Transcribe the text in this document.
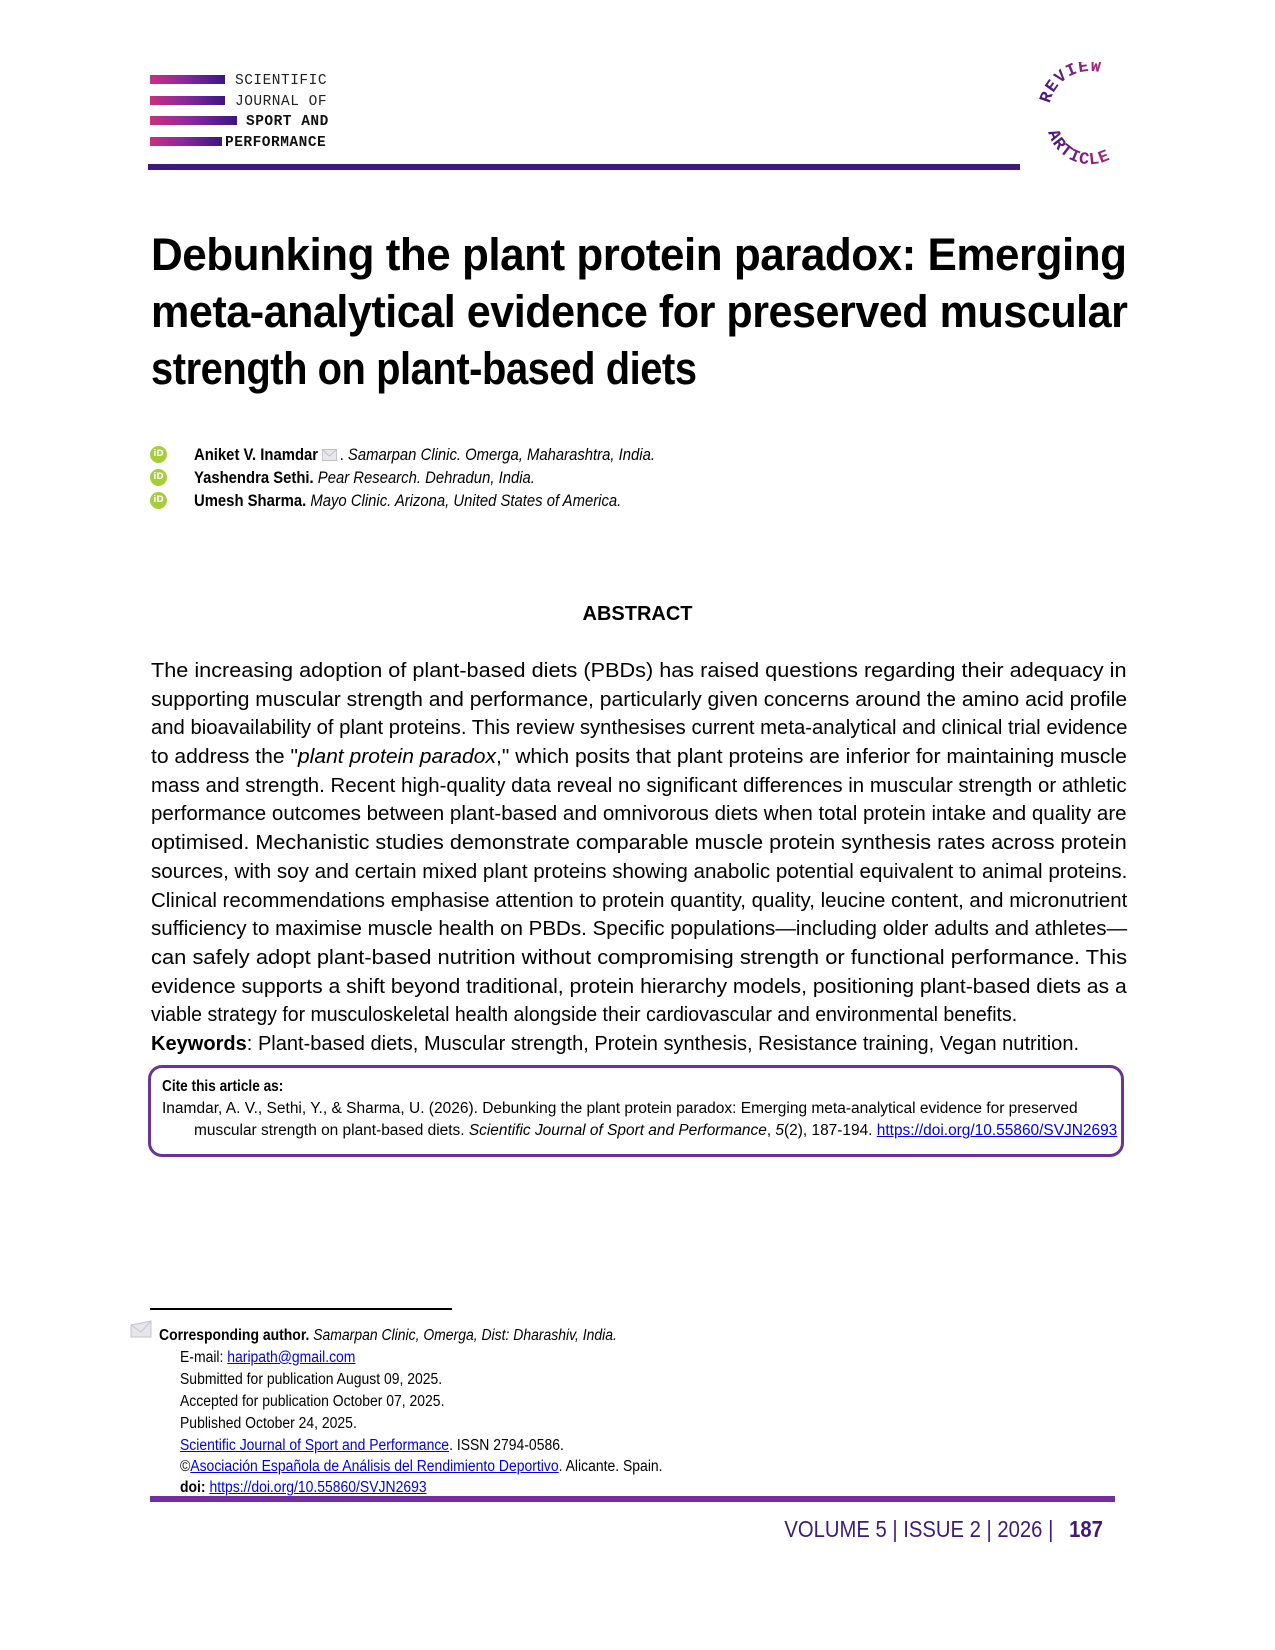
SCIENTIFIC
JOURNAL OF
SPORT AND
PERFORMANCE
REVIEW
ARTICLE
Debunking the plant protein paradox: Emerging
meta-analytical evidence for preserved muscular
strength on plant-based diets
iD Aniket V. Inamdar . Samarpan Clinic. Omerga, Maharashtra, India.
iD Yashendra Sethi. Pear Research. Dehradun, India.
iD Umesh Sharma. Mayo Clinic. Arizona, United States of America.
ABSTRACT
The increasing adoption of plant-based diets (PBDs) has raised questions regarding their adequacy in
supporting muscular strength and performance, particularly given concerns around the amino acid profile
and bioavailability of plant proteins. This review synthesises current meta-analytical and clinical trial evidence
to address the "plant protein paradox," which posits that plant proteins are inferior for maintaining muscle
mass and strength. Recent high-quality data reveal no significant differences in muscular strength or athletic
performance outcomes between plant-based and omnivorous diets when total protein intake and quality are
optimised. Mechanistic studies demonstrate comparable muscle protein synthesis rates across protein
sources, with soy and certain mixed plant proteins showing anabolic potential equivalent to animal proteins.
Clinical recommendations emphasise attention to protein quantity, quality, leucine content, and micronutrient
sufficiency to maximise muscle health on PBDs. Specific populations—including older adults and athletes—
can safely adopt plant-based nutrition without compromising strength or functional performance. This
evidence supports a shift beyond traditional, protein hierarchy models, positioning plant-based diets as a
viable strategy for musculoskeletal health alongside their cardiovascular and environmental benefits.
Keywords: Plant-based diets, Muscular strength, Protein synthesis, Resistance training, Vegan nutrition.
Cite this article as:
Inamdar, A. V., Sethi, Y., & Sharma, U. (2026). Debunking the plant protein paradox: Emerging meta-analytical evidence for preserved
muscular strength on plant-based diets. Scientific Journal of Sport and Performance, 5(2), 187-194. https://doi.org/10.55860/SVJN2693
Corresponding author. Samarpan Clinic, Omerga, Dist: Dharashiv, India.
E-mail: haripath@gmail.com
Submitted for publication August 09, 2025.
Accepted for publication October 07, 2025.
Published October 24, 2025.
Scientific Journal of Sport and Performance. ISSN 2794-0586.
©Asociación Española de Análisis del Rendimiento Deportivo. Alicante. Spain.
doi: https://doi.org/10.55860/SVJN2693
VOLUME 5 | ISSUE 2 | 2026 | 187
